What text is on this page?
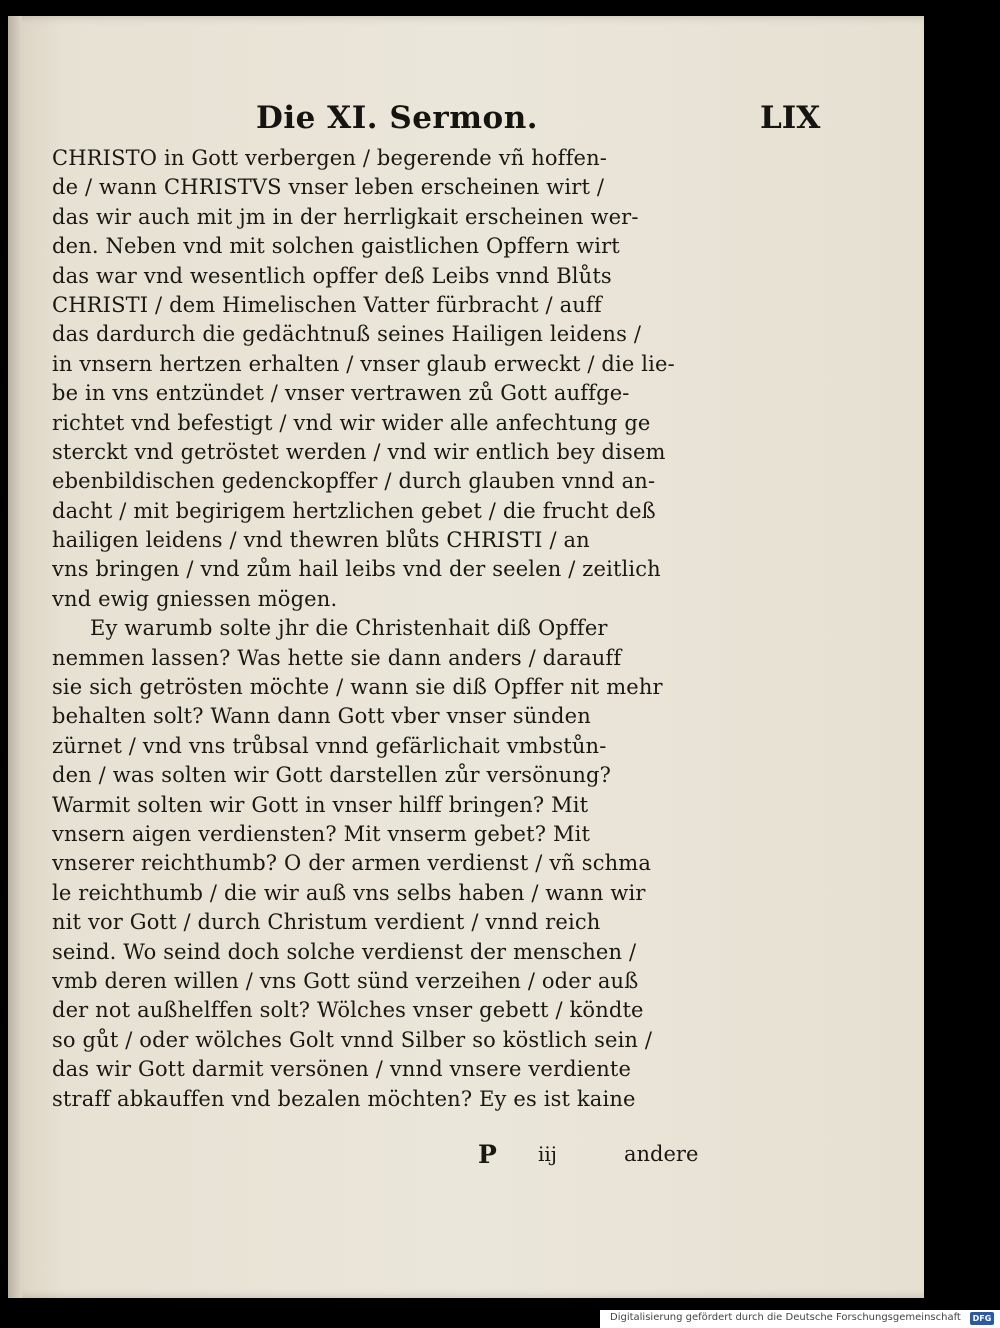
Die XI. Sermon.	LIX
CHRISTO in Gott verbergen / begerende vñ hoffen-
de / wann CHRISTVS vnser leben erscheinen wirt /
das wir auch mit jm in der herrligkait erscheinen wer-
den. Neben vnd mit solchen gaistlichen Opffern wirt
das war vnd wesentlich opffer deß Leibs vnnd Blůts
CHRISTI / dem Himelischen Vatter fürbracht / auff
das dardurch die gedächtnuß seines Hailigen leidens /
in vnsern hertzen erhalten / vnser glaub erweckt / die lie-
be in vns entzündet / vnser vertrawen zů Gott auffge-
richtet vnd befestigt / vnd wir wider alle anfechtung ge
sterckt vnd getröstet werden / vnd wir entlich bey disem
ebenbildischen gedenckopffer / durch glauben vnnd an-
dacht / mit begirigem hertzlichen gebet / die frucht deß
hailigen leidens / vnd thewren blůts CHRISTI / an
vns bringen / vnd zům hail leibs vnd der seelen / zeitlich
vnd ewig gniessen mögen.
Ey warumb solte jhr die Christenhait diß Opffer
nemmen lassen? Was hette sie dann anders / darauff
sie sich getrösten möchte / wann sie diß Opffer nit mehr
behalten solt? Wann dann Gott vber vnser sünden
zürnet / vnd vns trůbsal vnnd gefärlichait vmbstůn-
den / was solten wir Gott darstellen zůr versönung?
Warmit solten wir Gott in vnser hilff bringen? Mit
vnsern aigen verdiensten? Mit vnserm gebet? Mit
vnserer reichthumb? O der armen verdienst / vñ schma
le reichthumb / die wir auß vns selbs haben / wann wir
nit vor Gott / durch Christum verdient / vnnd reich
seind. Wo seind doch solche verdienst der menschen /
vmb deren willen / vns Gott sünd verzeihen / oder auß
der not außhelffen solt? Wölches vnser gebett / köndte
so gůt / oder wölches Golt vnnd Silber so köstlich sein /
das wir Gott darmit versönen / vnnd vnsere verdiente
straff abkauffen vnd bezalen möchten? Ey es ist kaine
P iij	andere
Digitalisierung gefördert durch die Deutsche Forschungsgemeinschaft	DFG
